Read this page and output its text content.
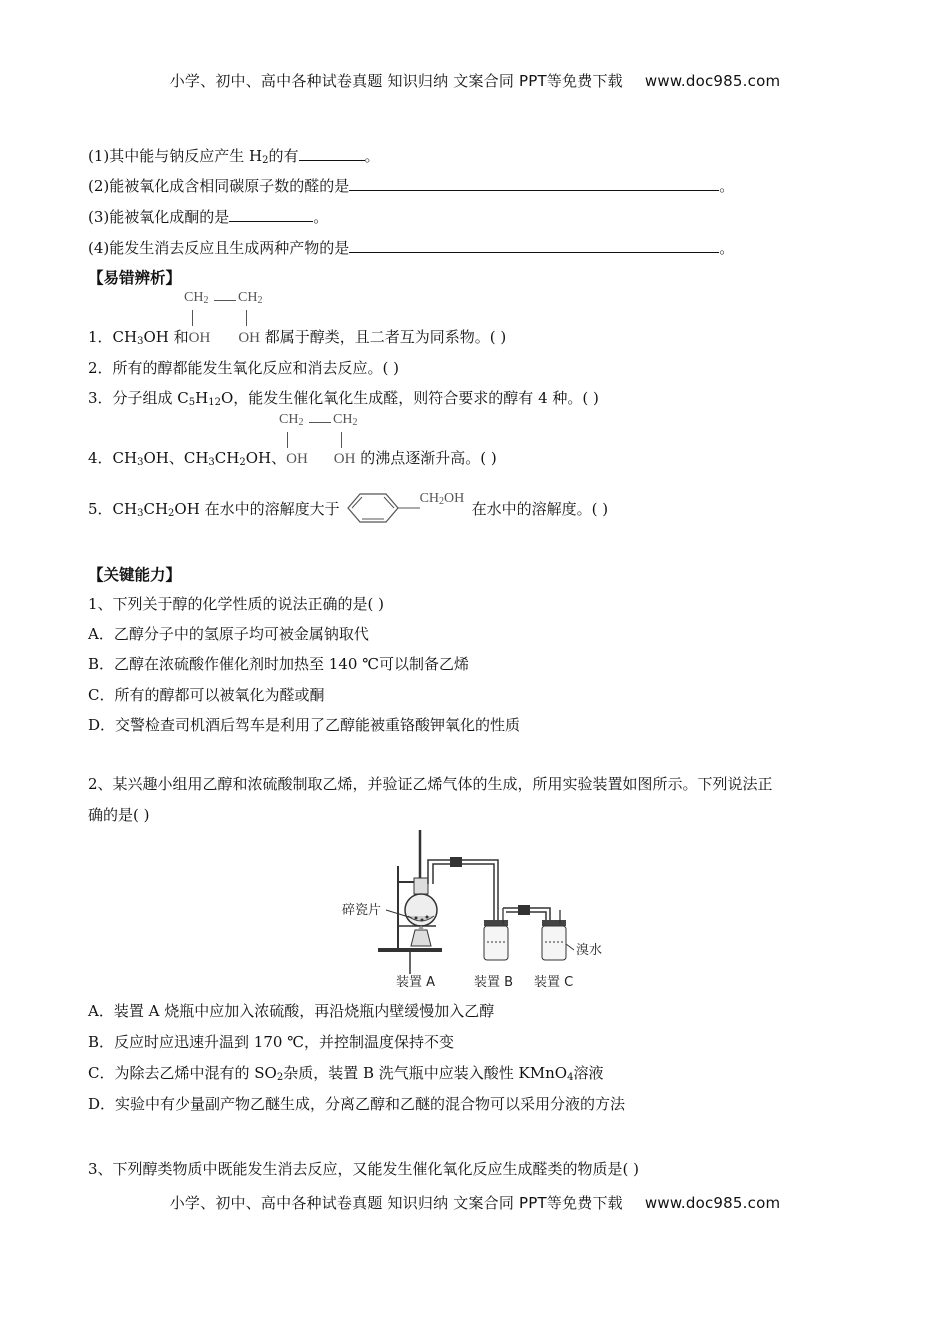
小学、初中、高中各种试卷真题 知识归纳 文案合同 PPT等免费下载 www.doc985.com
(1)其中能与钠反应产生 $H_2$的有	。
(2)能被氧化成含相同碳原子数的醛的是	。
(3)能被氧化成酮的是	。
(4)能发生消去反应且生成两种产物的是	。
【易错辨析】
$CH_2$ $CH_2$
1．$CH_3OH$ 和OH OH 都属于醇类，且二者互为同系物。( )
2．所有的醇都能发生氧化反应和消去反应。( )
3．分子组成 $C_5H_{12}O$，能发生催化氧化生成醛，则符合要求的醇有 4 种。( )
$CH_2$ $CH_2$
4．$CH_3OH$、$CH_3CH_2OH$、OH OH 的沸点逐渐升高。( )
5．$CH_3CH_2OH$ 在水中的溶解度大于
$CH_2OH$
在水中的溶解度。( )
【关键能力】
1、下列关于醇的化学性质的说法正确的是( )
A．乙醇分子中的氢原子均可被金属钠取代
B．乙醇在浓硫酸作催化剂时加热至 140 ℃可以制备乙烯
C．所有的醇都可以被氧化为醛或酮
D．交警检查司机酒后驾车是利用了乙醇能被重铬酸钾氧化的性质
2、某兴趣小组用乙醇和浓硫酸制取乙烯，并验证乙烯气体的生成，所用实验装置如图所示。下列说法正
确的是( )
碎瓷片
溴水
装置 A	装置 B 装置 C
A．装置 A 烧瓶中应加入浓硫酸，再沿烧瓶内壁缓慢加入乙醇
B．反应时应迅速升温到 170 ℃，并控制温度保持不变
C．为除去乙烯中混有的 $SO_2$杂质，装置 B 洗气瓶中应装入酸性 KMnO$_4$溶液
D．实验中有少量副产物乙醚生成，分离乙醇和乙醚的混合物可以采用分液的方法
3、下列醇类物质中既能发生消去反应，又能发生催化氧化反应生成醛类的物质是( )
小学、初中、高中各种试卷真题 知识归纳 文案合同 PPT等免费下载 www.doc985.com
